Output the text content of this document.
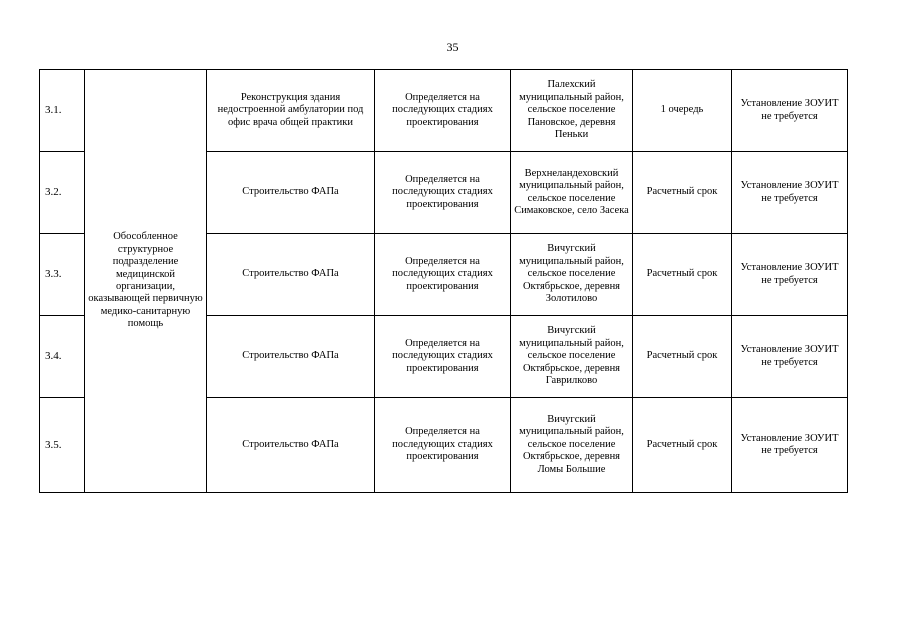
35
3.1.	Обособленное структурное подразделение медицинской организации, оказывающей первичную медико-санитарную помощь	Реконструкция здания недостроенной амбулатории под офис врача общей практики	Определяется на последующих стадиях проектирования	Палехский муниципальный район, сельское поселение Пановское, деревня Пеньки	1 очередь	Установление ЗОУИТ не требуется
3.2.		Строительство ФАПа	Определяется на последующих стадиях проектирования	Верхнеландеховский муниципальный район, сельское поселение Симаковское, село Засека	Расчетный срок	Установление ЗОУИТ не требуется
3.3.		Строительство ФАПа	Определяется на последующих стадиях проектирования	Вичугский муниципальный район, сельское поселение Октябрьское, деревня Золотилово	Расчетный срок	Установление ЗОУИТ не требуется
3.4.		Строительство ФАПа	Определяется на последующих стадиях проектирования	Вичугский муниципальный район, сельское поселение Октябрьское, деревня Гаврилково	Расчетный срок	Установление ЗОУИТ не требуется
3.5.		Строительство ФАПа	Определяется на последующих стадиях проектирования	Вичугский муниципальный район, сельское поселение Октябрьское, деревня Ломы Большие	Расчетный срок	Установление ЗОУИТ не требуется
